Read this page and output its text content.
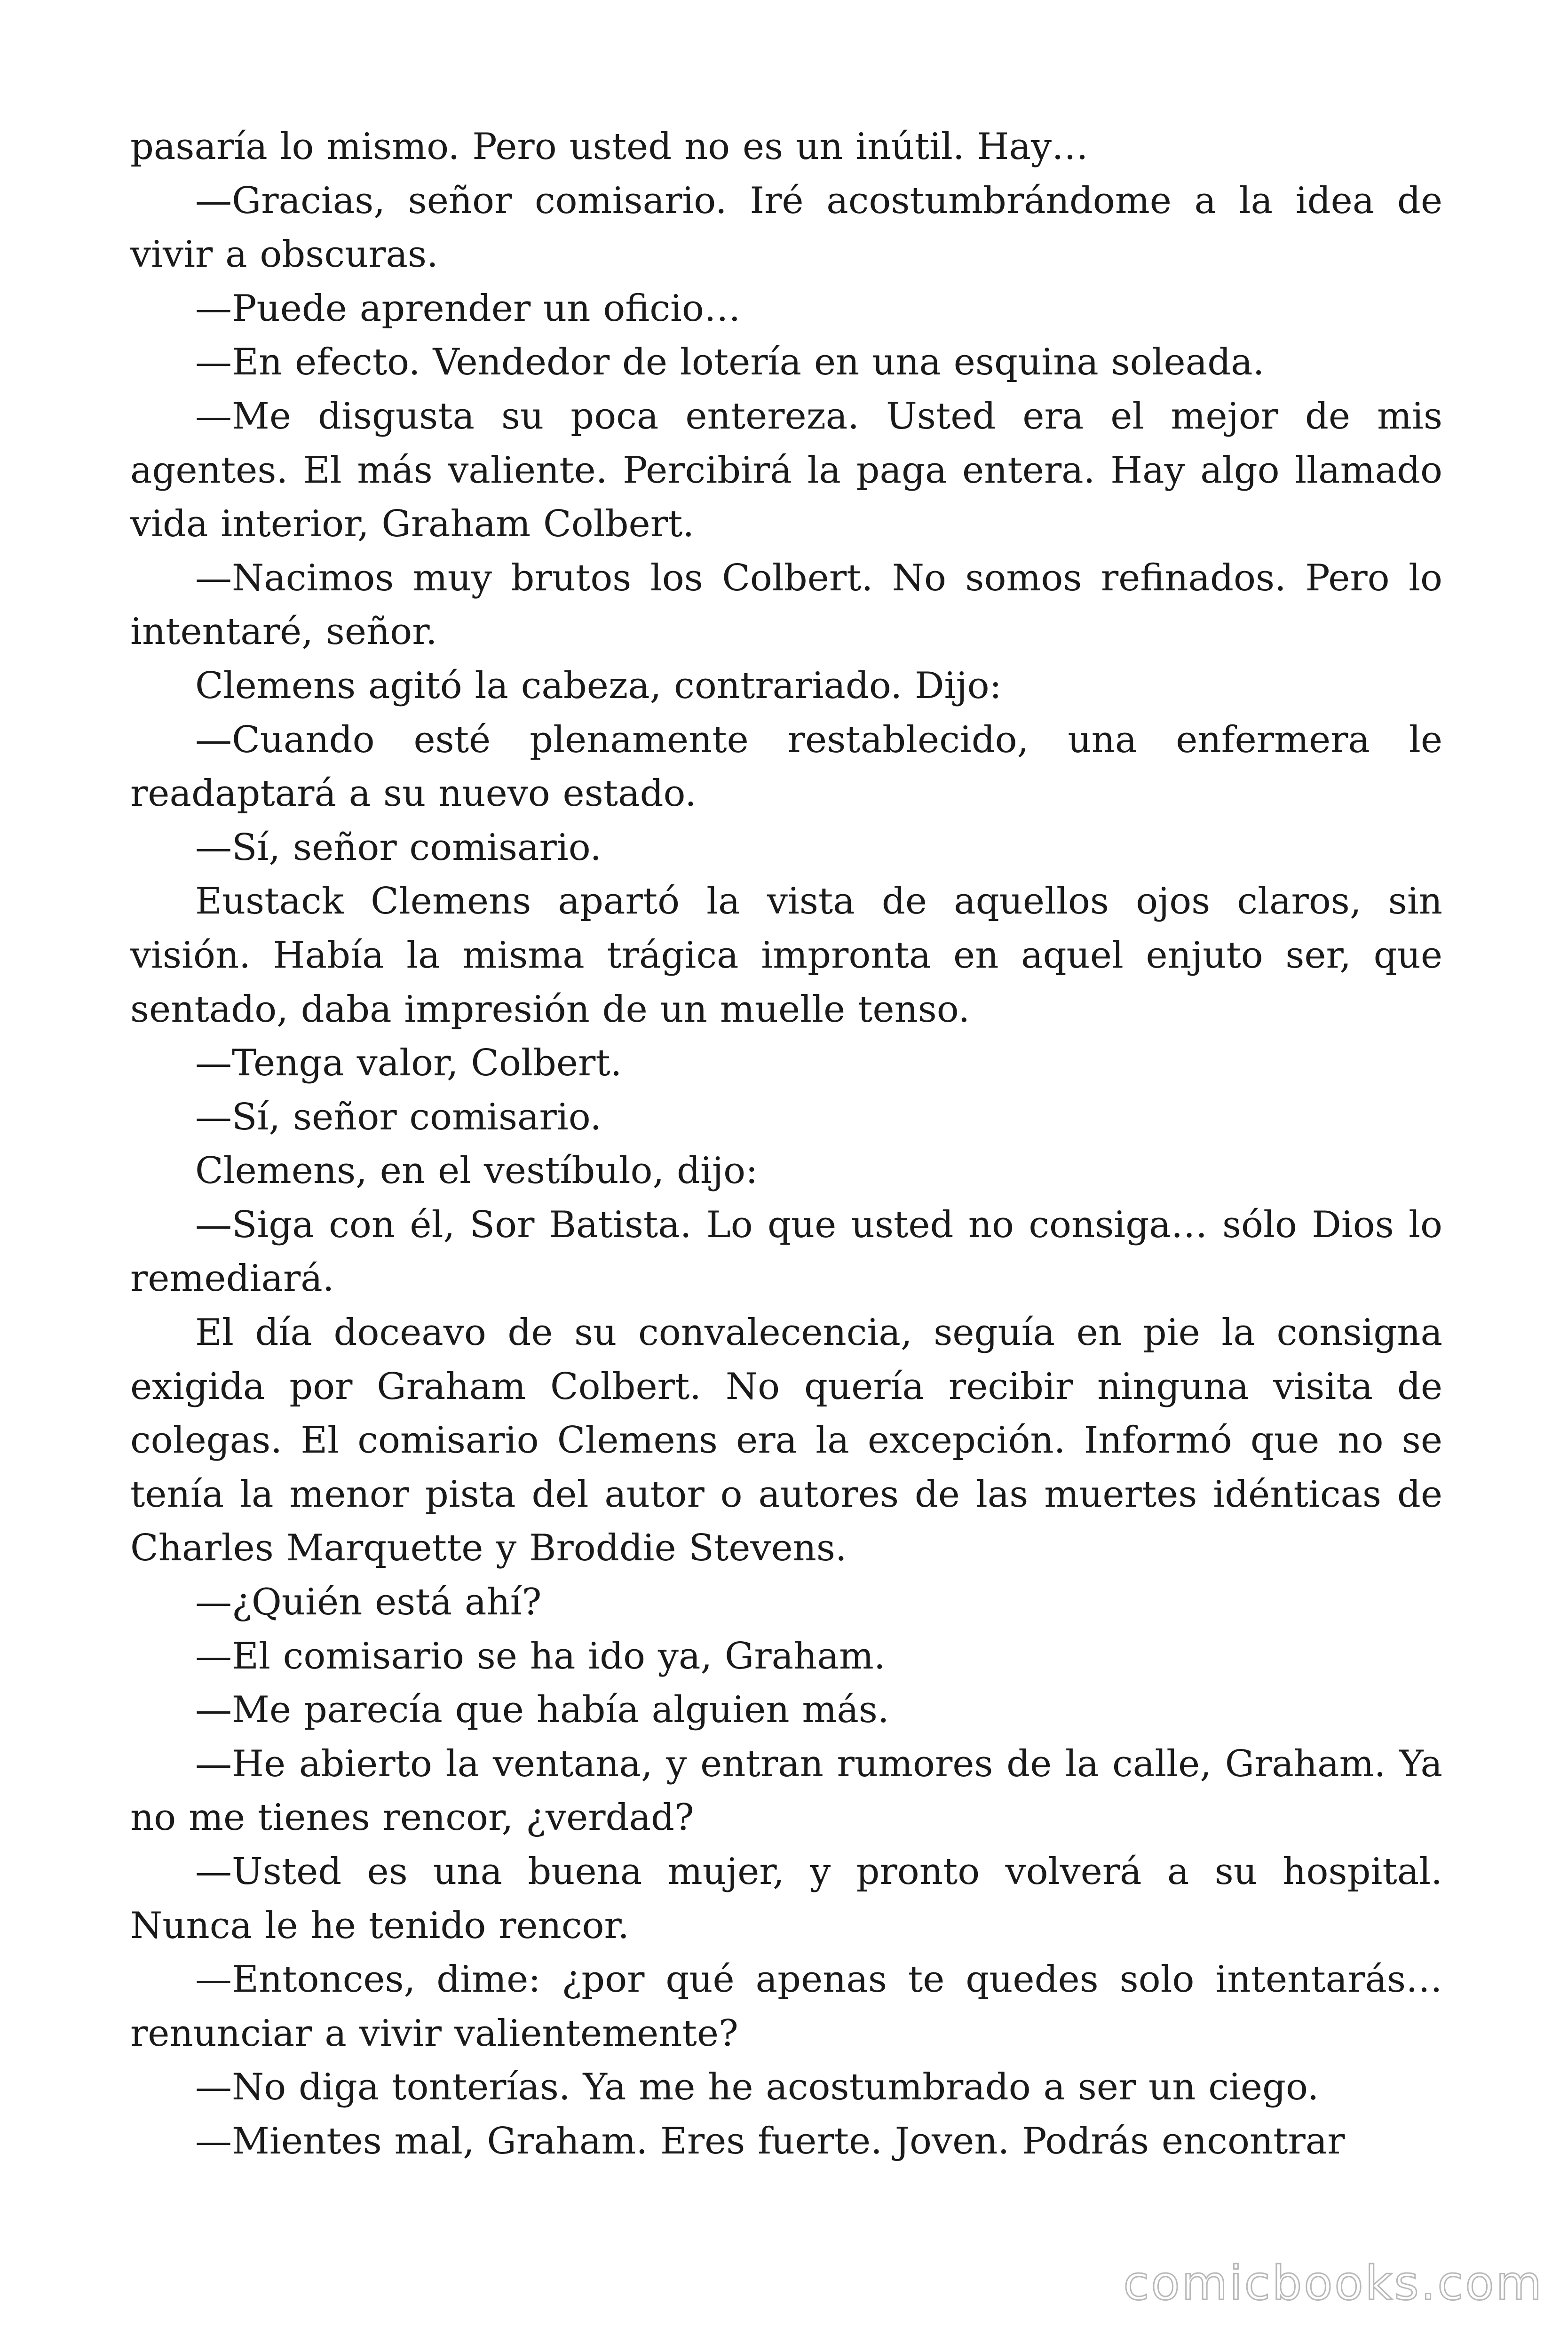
pasaría lo mismo. Pero usted no es un inútil. Hay…

—Gracias, señor comisario. Iré acostumbrándome a la idea de vivir a obscuras.

—Puede aprender un oficio…

—En efecto. Vendedor de lotería en una esquina soleada.

—Me disgusta su poca entereza. Usted era el mejor de mis agentes. El más valiente. Percibirá la paga entera. Hay algo llamado vida interior, Graham Colbert.

—Nacimos muy brutos los Colbert. No somos refinados. Pero lo intentaré, señor.

Clemens agitó la cabeza, contrariado. Dijo:

—Cuando esté plenamente restablecido, una enfermera le readaptará a su nuevo estado.

—Sí, señor comisario.

Eustack Clemens apartó la vista de aquellos ojos claros, sin visión. Había la misma trágica impronta en aquel enjuto ser, que sentado, daba impresión de un muelle tenso.

—Tenga valor, Colbert.

—Sí, señor comisario.

Clemens, en el vestíbulo, dijo:

—Siga con él, Sor Batista. Lo que usted no consiga… sólo Dios lo remediará.

El día doceavo de su convalecencia, seguía en pie la consigna exigida por Graham Colbert. No quería recibir ninguna visita de colegas. El comisario Clemens era la excepción. Informó que no se tenía la menor pista del autor o autores de las muertes idénticas de Charles Marquette y Broddie Stevens.

—¿Quién está ahí?

—El comisario se ha ido ya, Graham.

—Me parecía que había alguien más.

—He abierto la ventana, y entran rumores de la calle, Graham. Ya no me tienes rencor, ¿verdad?

—Usted es una buena mujer, y pronto volverá a su hospital. Nunca le he tenido rencor.

—Entonces, dime: ¿por qué apenas te quedes solo intentarás… renunciar a vivir valientemente?

—No diga tonterías. Ya me he acostumbrado a ser un ciego.

—Mientes mal, Graham. Eres fuerte. Joven. Podrás encontrar

comicbooks.com
